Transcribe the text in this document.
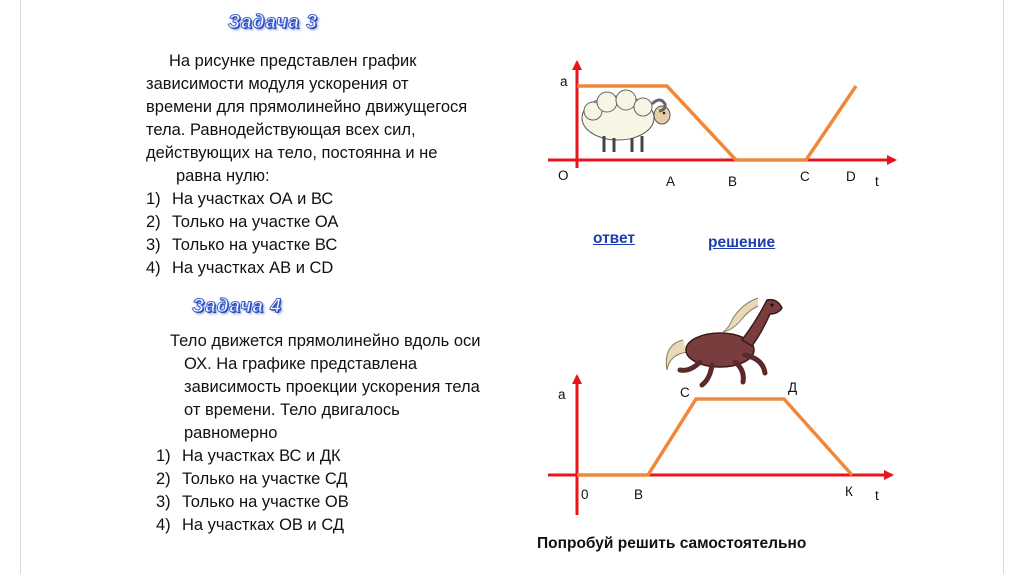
Задача 3
На рисунке представлен график
зависимости модуля ускорения от
времени для прямолинейно движущегося
тела. Равнодействующая всех сил,
действующих на тело, постоянна и не
равна нулю:
1) На участках ОА и ВС
2) Только на участке ОА
3) Только на участке ВС
4) На участках АВ и CD
ответ	решение
Задача 4
Тело движется прямолинейно вдоль оси
ОХ. На графике представлена
зависимость проекции ускорения тела
от времени. Тело двигалось
равномерно
1) На участках ВС и ДК
2) Только на участке СД
3) Только на участке ОВ
4) На участках ОВ и СД
Попробуй решить самостоятельно
a
t
O	A	B	C	D
a
t
0	B
C	Д
К
